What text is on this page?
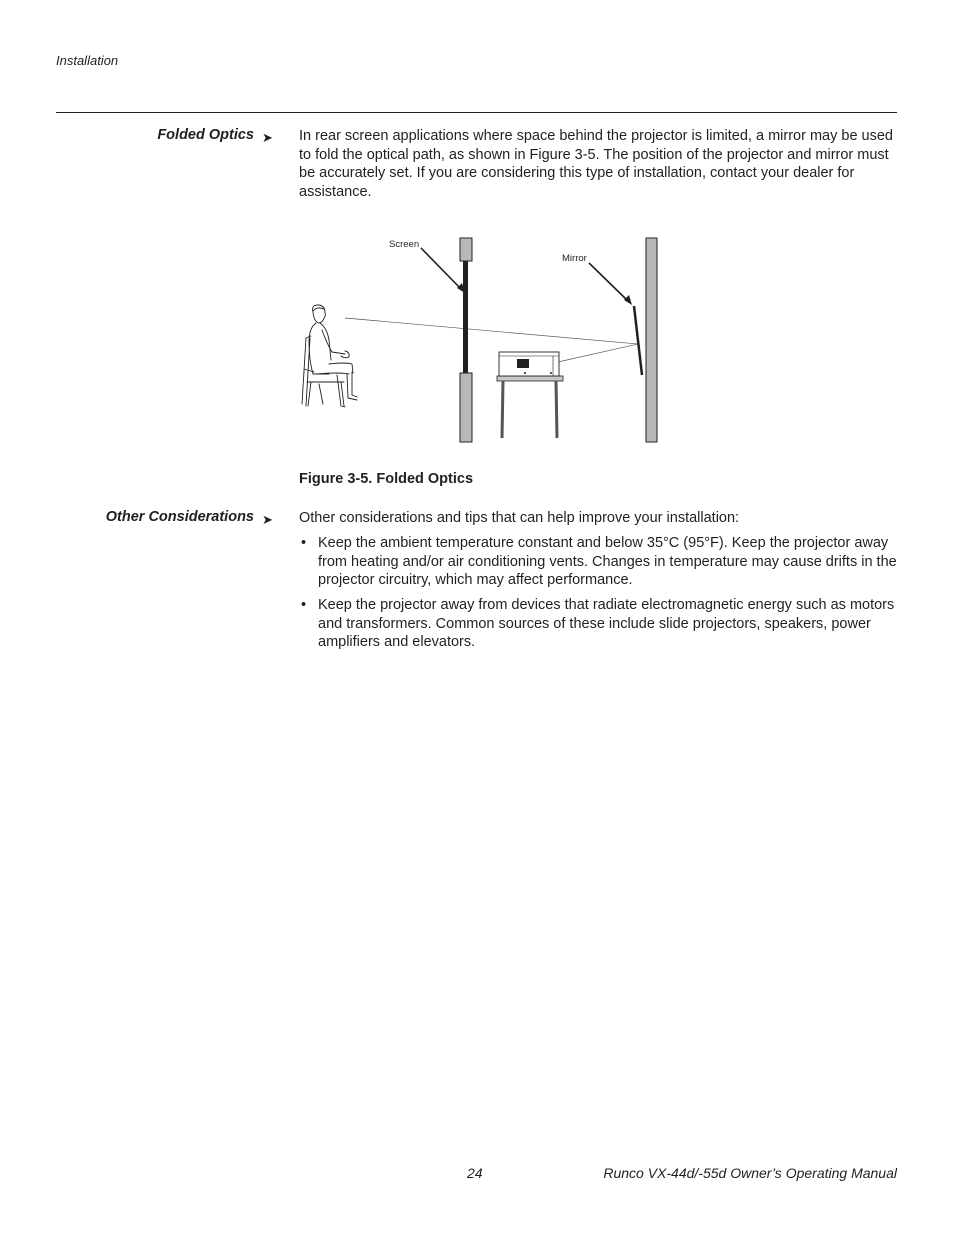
Installation
Folded Optics ➤ In rear screen applications where space behind the projector is limited, a mirror may be used to fold the optical path, as shown in Figure 3-5. The position of the projector and mirror must be accurately set. If you are considering this type of installation, contact your dealer for assistance.

Screen
Mirror
Figure 3-5. Folded Optics
Other Considerations ➤ Other considerations and tips that can help improve your installation:

• Keep the ambient temperature constant and below 35°C (95°F). Keep the projector away from heating and/or air conditioning vents. Changes in temperature may cause drifts in the projector circuitry, which may affect performance.
• Keep the projector away from devices that radiate electromagnetic energy such as motors and transformers. Common sources of these include slide projectors, speakers, power amplifiers and elevators.
24	Runco VX-44d/-55d Owner’s Operating Manual
